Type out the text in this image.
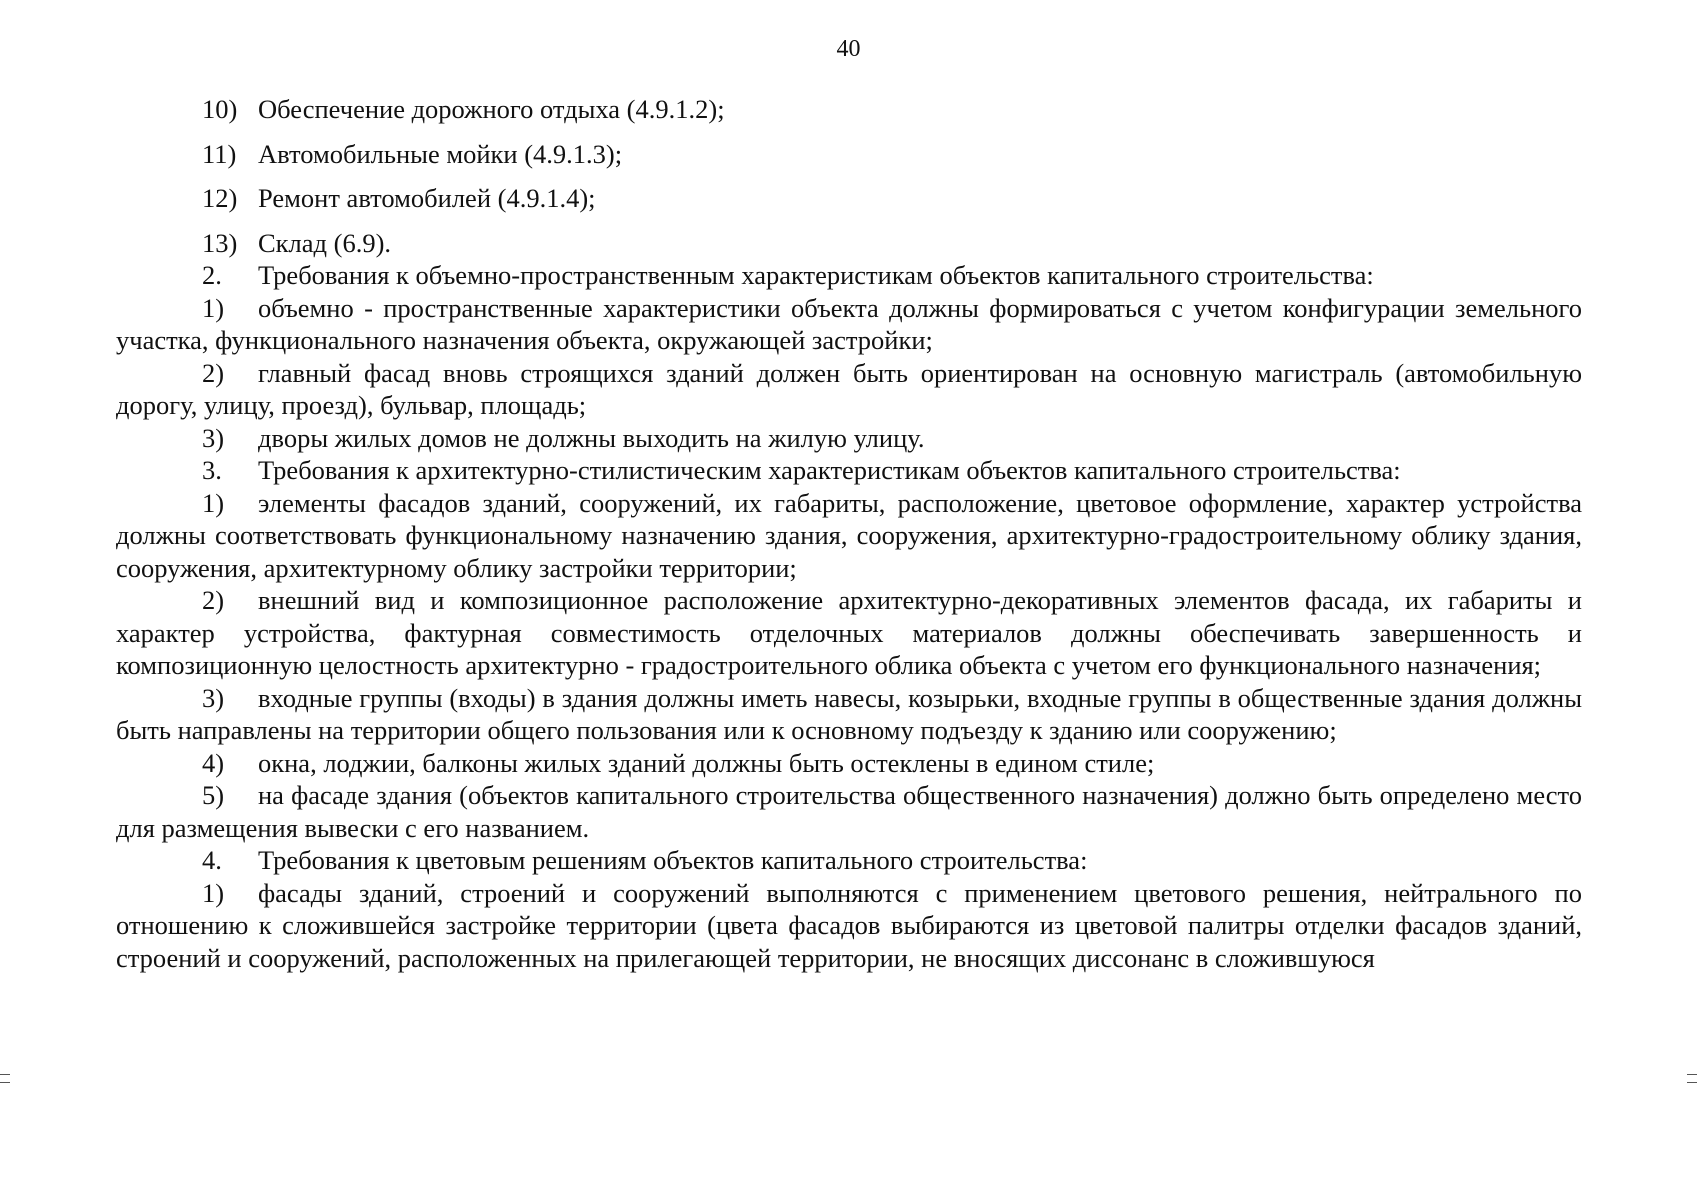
40
10) Обеспечение дорожного отдыха (4.9.1.2);
11) Автомобильные мойки (4.9.1.3);
12) Ремонт автомобилей (4.9.1.4);
13) Склад (6.9).

2. Требования к объемно-пространственным характеристикам объектов капитального строительства:

1) объемно - пространственные характеристики объекта должны формироваться с учетом конфигурации земельного участка, функционального назначения объекта, окружающей застройки;

2) главный фасад вновь строящихся зданий должен быть ориентирован на основную магистраль (автомобильную дорогу, улицу, проезд), бульвар, площадь;

3) дворы жилых домов не должны выходить на жилую улицу.

3. Требования к архитектурно-стилистическим характеристикам объектов капитального строительства:

1) элементы фасадов зданий, сооружений, их габариты, расположение, цветовое оформление, характер устройства должны соответствовать функциональному назначению здания, сооружения, архитектурно-градостроительному облику здания, сооружения, архитектурному облику застройки территории;

2) внешний вид и композиционное расположение архитектурно-декоративных элементов фасада, их габариты и характер устройства, фактурная совместимость отделочных материалов должны обеспечивать завершенность и композиционную целостность архитектурно - градостроительного облика объекта с учетом его функционального назначения;

3) входные группы (входы) в здания должны иметь навесы, козырьки, входные группы в общественные здания должны быть направлены на территории общего пользования или к основному подъезду к зданию или сооружению;

4) окна, лоджии, балконы жилых зданий должны быть остеклены в едином стиле;

5) на фасаде здания (объектов капитального строительства общественного назначения) должно быть определено место для размещения вывески с его названием.

4. Требования к цветовым решениям объектов капитального строительства:

1) фасады зданий, строений и сооружений выполняются с применением цветового решения, нейтрального по отношению к сложившейся застройке территории (цвета фасадов выбираются из цветовой палитры отделки фасадов зданий, строений и сооружений, расположенных на прилегающей территории, не вносящих диссонанс в сложившуюся
